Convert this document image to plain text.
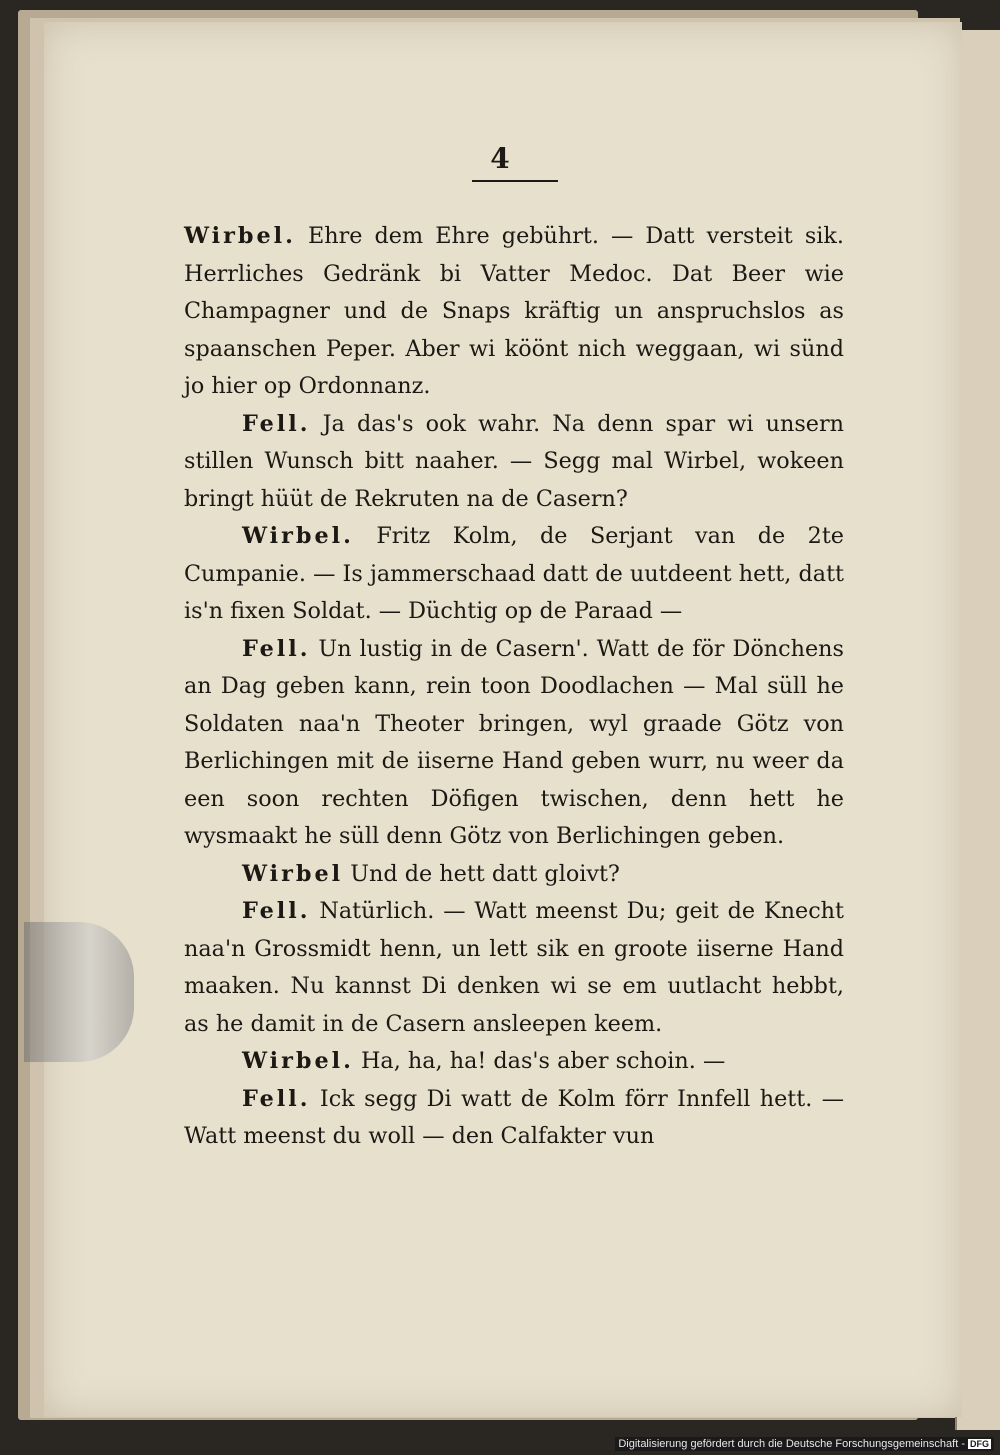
4

Wirbel. Ehre dem Ehre gebührt. — Datt versteit sik. Herrliches Gedränk bi Vatter Medoc. Dat Beer wie Champagner und de Snaps kräftig un anspruchslos as spaanschen Peper. Aber wi köönt nich weggaan, wi sünd jo hier op Ordonnanz.

Fell. Ja das's ook wahr. Na denn spar wi unsern stillen Wunsch bitt naaher. — Segg mal Wirbel, wokeen bringt hüüt de Rekruten na de Casern?

Wirbel. Fritz Kolm, de Serjant van de 2te Cumpanie. — Is jammerschaad datt de uutdeent hett, datt is'n fixen Soldat. — Düchtig op de Paraad —

Fell. Un lustig in de Casern'. Watt de för Dönchens an Dag geben kann, rein toon Doodlachen — Mal süll he Soldaten naa'n Theoter bringen, wyl graade Götz von Berlichingen mit de iiserne Hand geben wurr, nu weer da een soon rechten Döfigen twischen, denn hett he wysmaakt he süll denn Götz von Berlichingen geben.

Wirbel Und de hett datt gloivt?

Fell. Natürlich. — Watt meenst Du; geit de Knecht naa'n Grossmidt henn, un lett sik en groote iiserne Hand maaken. Nu kannst Di denken wi se em uutlacht hebbt, as he damit in de Casern ansleepen keem.

Wirbel. Ha, ha, ha! das's aber schoin. —

Fell. Ick segg Di watt de Kolm förr Innfell hett. — Watt meenst du woll — den Calfakter vun

Digitalisierung gefördert durch die Deutsche Forschungsgemeinschaft - DFG
